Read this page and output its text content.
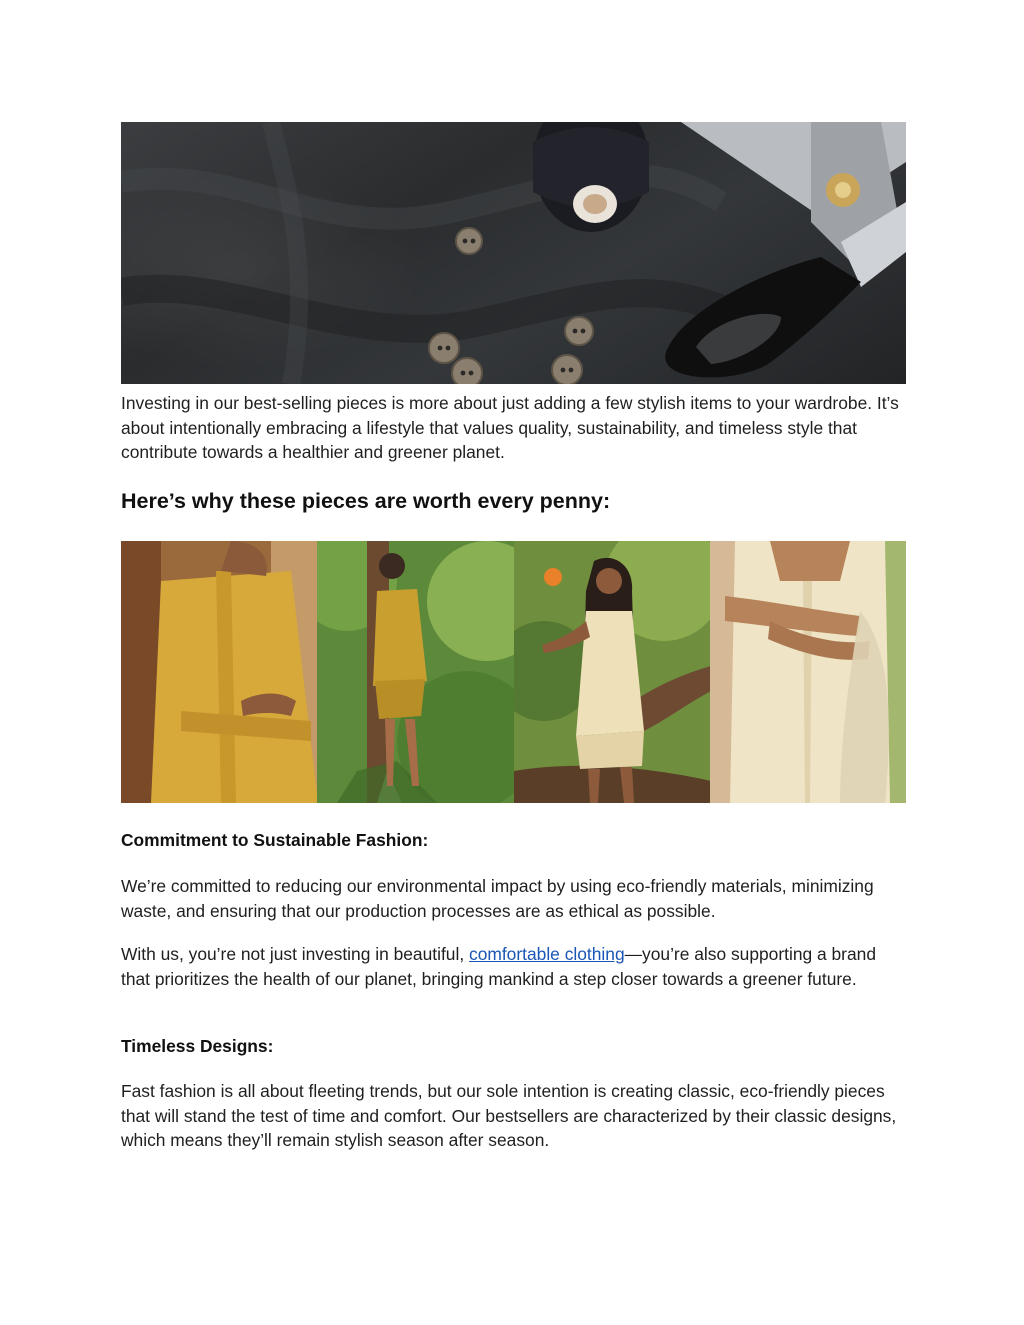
Investing in our best-selling pieces is more about just adding a few stylish items to your wardrobe. It’s about intentionally embracing a lifestyle that values quality, sustainability, and timeless style that contribute towards a healthier and greener planet.

Here’s why these pieces are worth every penny:
Commitment to Sustainable Fashion:

We’re committed to reducing our environmental impact by using eco-friendly materials, minimizing waste, and ensuring that our production processes are as ethical as possible.

With us, you’re not just investing in beautiful, comfortable clothing—you’re also supporting a brand that prioritizes the health of our planet, bringing mankind a step closer towards a greener future.

Timeless Designs:

Fast fashion is all about fleeting trends, but our sole intention is creating classic, eco-friendly pieces that will stand the test of time and comfort. Our bestsellers are characterized by their classic designs, which means they’ll remain stylish season after season.
